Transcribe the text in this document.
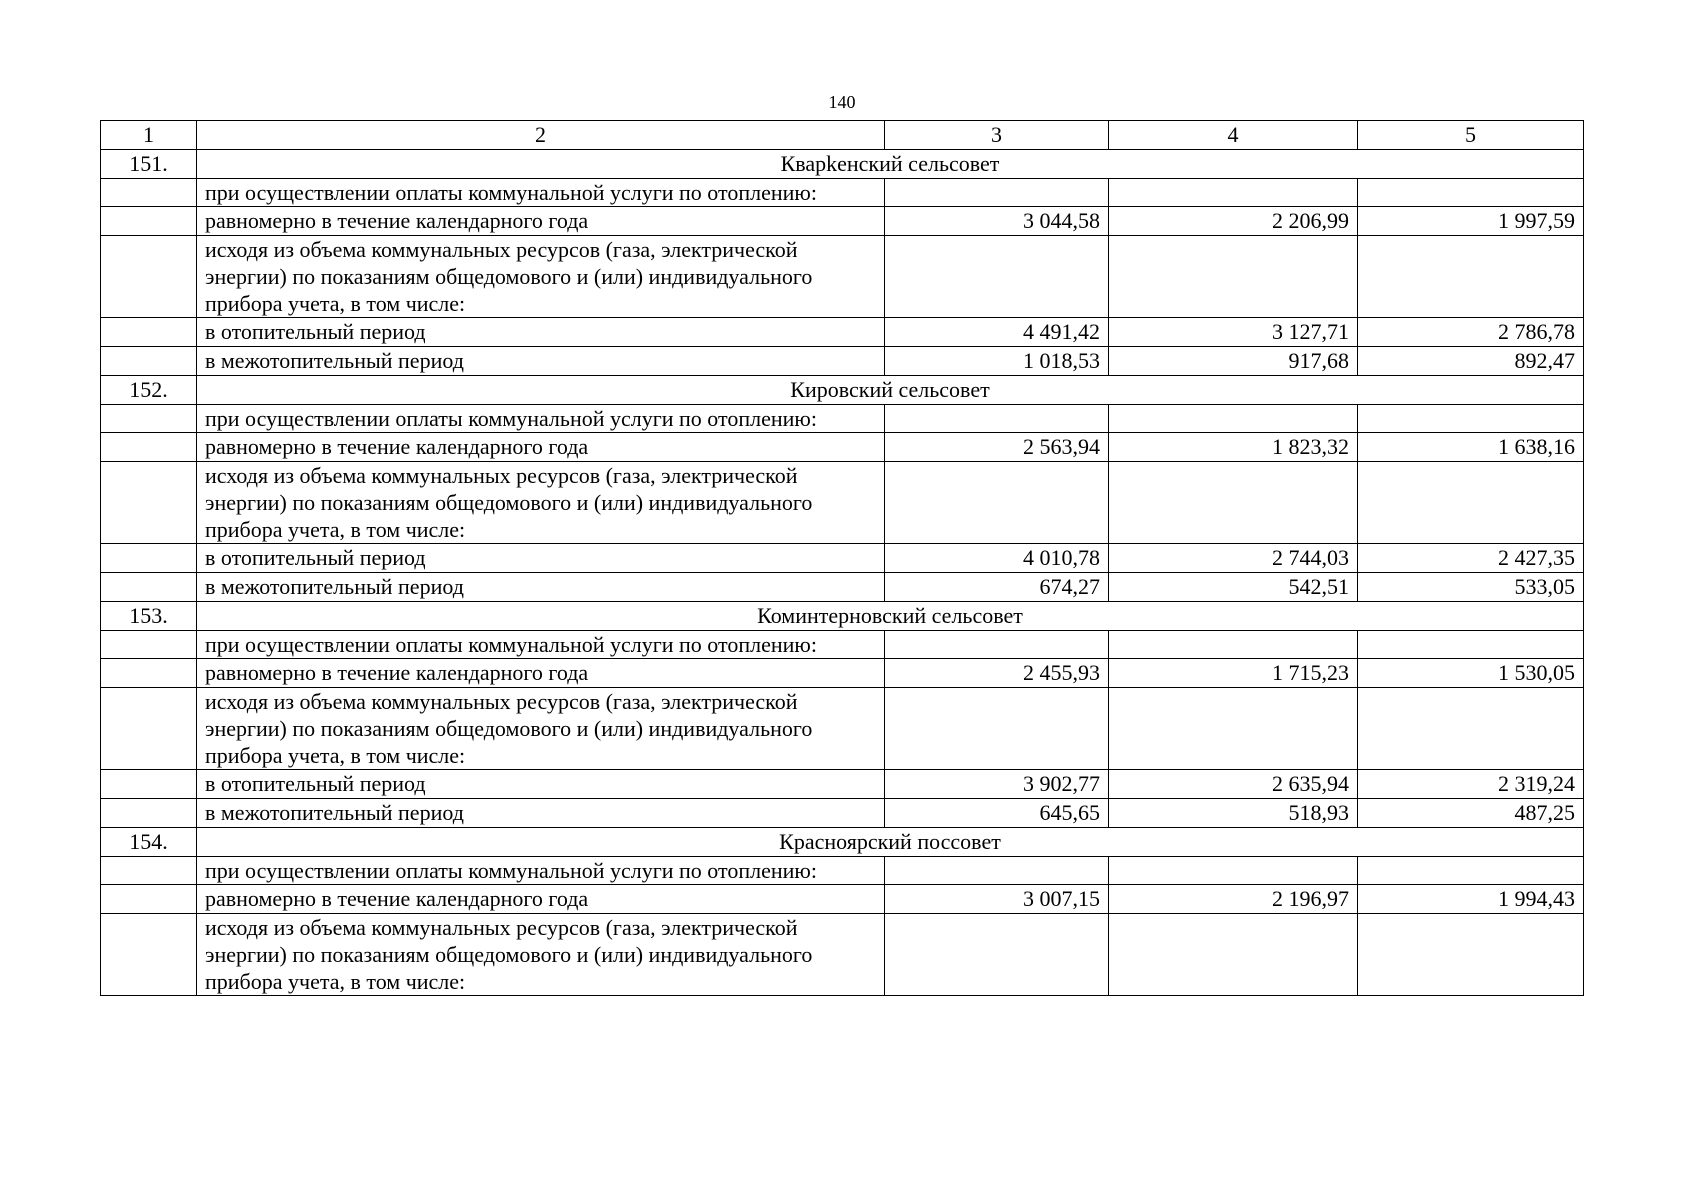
140
1	2	3	4	5
151.	Кварkенский сельсовет			
	при осуществлении оплаты коммунальной услуги по отоплению:			
	равномерно в течение календарного года	3 044,58	2 206,99	1 997,59
	исходя из объема коммунальных ресурсов (газа, электрической энергии) по показаниям общедомового и (или) индивидуального прибора учета, в том числе:			
	в отопительный период	4 491,42	3 127,71	2 786,78
	в межотопительный период	1 018,53	917,68	892,47
152.	Кировский сельсовет			
	при осуществлении оплаты коммунальной услуги по отоплению:			
	равномерно в течение календарного года	2 563,94	1 823,32	1 638,16
	исходя из объема коммунальных ресурсов (газа, электрической энергии) по показаниям общедомового и (или) индивидуального прибора учета, в том числе:			
	в отопительный период	4 010,78	2 744,03	2 427,35
	в межотопительный период	674,27	542,51	533,05
153.	Коминтерновский сельсовет			
	при осуществлении оплаты коммунальной услуги по отоплению:			
	равномерно в течение календарного года	2 455,93	1 715,23	1 530,05
	исходя из объема коммунальных ресурсов (газа, электрической энергии) по показаниям общедомового и (или) индивидуального прибора учета, в том числе:			
	в отопительный период	3 902,77	2 635,94	2 319,24
	в межотопительный период	645,65	518,93	487,25
154.	Красноярский поссовет			
	при осуществлении оплаты коммунальной услуги по отоплению:			
	равномерно в течение календарного года	3 007,15	2 196,97	1 994,43
	исходя из объема коммунальных ресурсов (газа, электрической энергии) по показаниям общедомового и (или) индивидуального прибора учета, в том числе:			
